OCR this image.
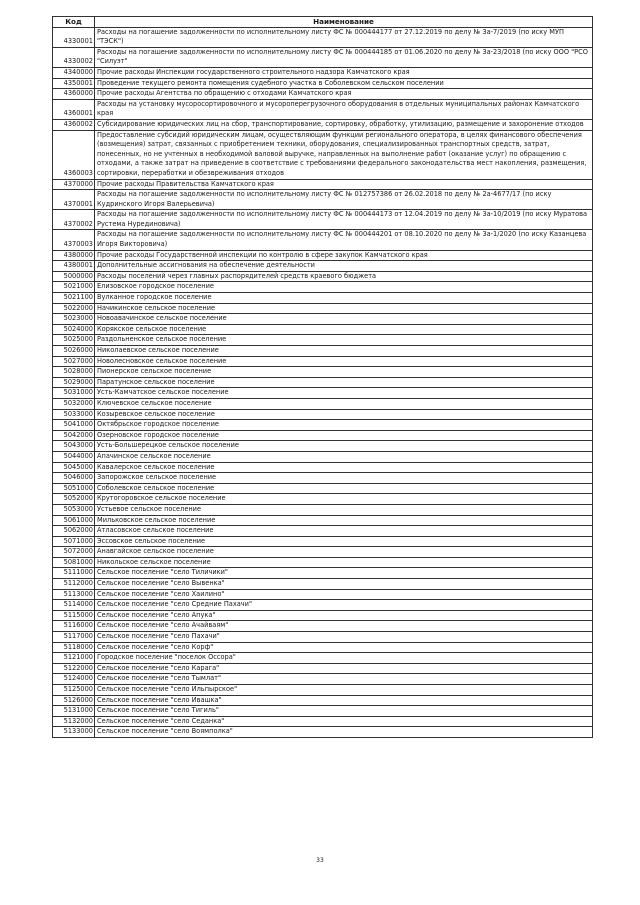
Код	Наименование
4330001	Расходы на погашение задолженности по исполнительному листу ФС № 000444177 от 27.12.2019 по делу № 3а-7/2019 (по иску МУП "ТЭСК")
4330002	Расходы на погашение задолженности по исполнительному листу ФС № 000444185 от 01.06.2020 по делу № 3а-23/2018 (по иску ООО "РСО "Силуэт"
4340000	Прочие расходы Инспекции государственного строительного надзора Камчатского края
4350001	Проведение текущего ремонта помещения судебного участка в Соболевском сельском поселении
4360000	Прочие расходы Агентства по обращению с отходами Камчатского края
4360001	Расходы на установку мусоросортировочного и мусороперегрузочного оборудования в отдельных муниципальных районах Камчатского края
4360002	Субсидирование юридических лиц на сбор, транспортирование, сортировку, обработку, утилизацию, размещение и захоронение отходов
4360003	Предоставление субсидий юридическим лицам, осуществляющим функции регионального оператора, в целях финансового обеспечения (возмещения) затрат, связанных с приобретением техники, оборудования, специализированных транспортных средств, затрат, понесенных, но не учтенных в необходимой валовой выручке, направленных на выполнение работ (оказание услуг) по обращению с отходами, а также затрат на приведение в соответствие с требованиями федерального законодательства мест накопления, размещения, сортировки, переработки и обезвреживания отходов
4370000	Прочие расходы Правительства Камчатского края
4370001	Расходы на погашение задолженности по исполнительному листу ФС № 012757386 от 26.02.2018 по делу № 2а-4677/17 (по иску Кудринского Игоря Валерьевича)
4370002	Расходы на погашение задолженности по исполнительному листу ФС № 000444173 от 12.04.2019 по делу № 3а-10/2019 (по иску Муратова Рустема Нурединовича)
4370003	Расходы на погашение задолженности по исполнительному листу ФС № 000444201 от 08.10.2020 по делу № 3а-1/2020 (по иску Казанцева Игоря Викторовича)
4380000	Прочие расходы Государственной инспекции по контролю в сфере закупок Камчатского края
4380001	Дополнительные ассигнования на обеспечение деятельности
5000000	Расходы поселений через главных распорядителей средств краевого бюджета
5021000	Елизовское городское поселение
5021100	Вулканное городское поселение
5022000	Начикинское сельское поселение
5023000	Новоавачинское сельское поселение
5024000	Корякское сельское поселение
5025000	Раздольненское сельское поселение
5026000	Николаевское сельское поселение
5027000	Новолесновское сельское поселение
5028000	Пионерское сельское поселение
5029000	Паратунское сельское поселение
5031000	Усть-Камчатское сельское поселение
5032000	Ключевское сельское поселение
5033000	Козыревское сельское поселение
5041000	Октябрьское городское поселение
5042000	Озерновское городское поселение
5043000	Усть-Большерецкое сельское поселение
5044000	Апачинское сельское поселение
5045000	Кавалерское сельское поселение
5046000	Запорожское сельское поселение
5051000	Соболевское сельское поселение
5052000	Крутогоровское сельское поселение
5053000	Устьевое сельское поселение
5061000	Мильковское сельское поселение
5062000	Атласовское сельское поселение
5071000	Эссовское сельское поселение
5072000	Анавгайское сельское поселение
5081000	Никольское сельское поселение
5111000	Сельское поселение "село Тиличики"
5112000	Сельское поселение "село Вывенка"
5113000	Сельское поселение "село Хаилино"
5114000	Сельское поселение "село Средние Пахачи"
5115000	Сельское поселение "село Апука"
5116000	Сельское поселение "село Ачайваям"
5117000	Сельское поселение "село Пахачи"
5118000	Сельское поселение "село Корф"
5121000	Городское поселение "поселок Оссора"
5122000	Сельское поселение "село Карага"
5124000	Сельское поселение "село Тымлат"
5125000	Сельское поселение "село Ильпырское"
5126000	Сельское поселение "село Ивашка"
5131000	Сельское поселение "село Тигиль"
5132000	Сельское поселение "село Седанка"
5133000	Сельское поселение "село Воямполка"
33
